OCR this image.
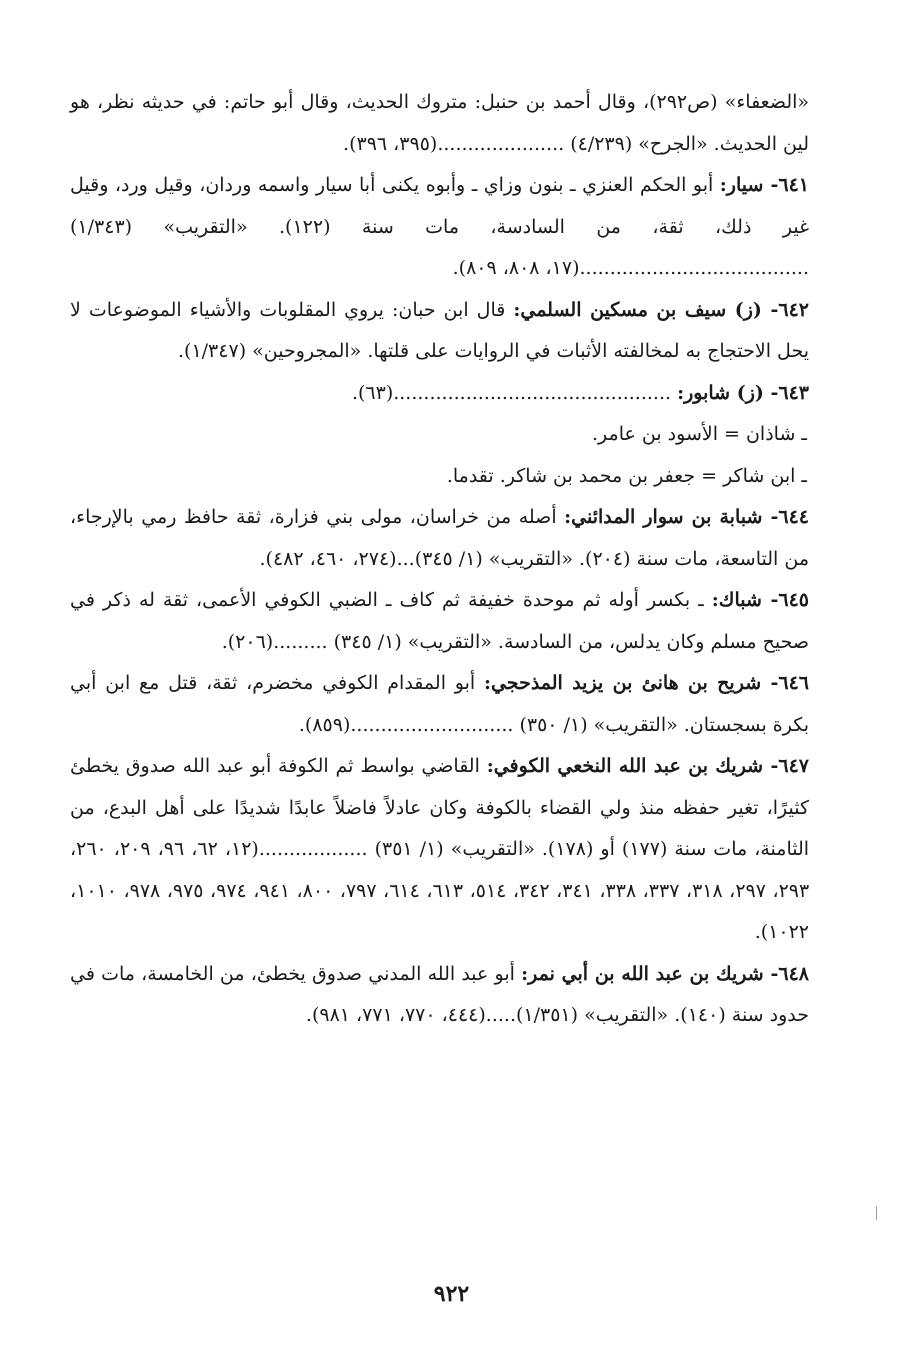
«الضعفاء» (ص٢٩٢)، وقال أحمد بن حنبل: متروك الحديث، وقال أبو حاتم: في حديثه نظر، هو لين الحديث. «الجرح» (٤/٢٣٩) .....................(٣٩٥، ٣٩٦).

٦٤١- سيار: أبو الحكم العنزي ـ بنون وزاي ـ وأبوه يكنى أبا سيار واسمه وردان، وقيل ورد، وقيل غير ذلك، ثقة، من السادسة، مات سنة (١٢٢). «التقريب» (١/٣٤٣) ......................................(١٧، ٨٠٨، ٨٠٩).

٦٤٢- (ز) سيف بن مسكين السلمي: قال ابن حبان: يروي المقلوبات والأشياء الموضوعات لا يحل الاحتجاج به لمخالفته الأثبات في الروايات على قلتها. «المجروحين» (١/٣٤٧).

٦٤٣- (ز) شابور: ..............................................(٦٣).

ـ شاذان = الأسود بن عامر.

ـ ابن شاكر = جعفر بن محمد بن شاكر. تقدما.

٦٤٤- شبابة بن سوار المدائني: أصله من خراسان، مولى بني فزارة، ثقة حافظ رمي بالإرجاء، من التاسعة، مات سنة (٢٠٤). «التقريب» (١/ ٣٤٥)...(٢٧٤، ٤٦٠، ٤٨٢).

٦٤٥- شباك: ـ بكسر أوله ثم موحدة خفيفة ثم كاف ـ الضبي الكوفي الأعمى، ثقة له ذكر في صحيح مسلم وكان يدلس، من السادسة. «التقريب» (١/ ٣٤٥) .........(٢٠٦).

٦٤٦- شريح بن هانئ بن يزيد المذحجي: أبو المقدام الكوفي مخضرم، ثقة، قتل مع ابن أبي بكرة بسجستان. «التقريب» (١/ ٣٥٠) ...........................(٨٥٩).

٦٤٧- شريك بن عبد الله النخعي الكوفي: القاضي بواسط ثم الكوفة أبو عبد الله صدوق يخطئ كثيرًا، تغير حفظه منذ ولي القضاء بالكوفة وكان عادلاً فاضلاً عابدًا شديدًا على أهل البدع، من الثامنة، مات سنة (١٧٧) أو (١٧٨). «التقريب» (١/ ٣٥١) ..................(١٢، ٦٢، ٩٦، ٢٠٩، ٢٦٠، ٢٩٣، ٢٩٧، ٣١٨، ٣٣٧، ٣٣٨، ٣٤١، ٣٤٢، ٥١٤، ٦١٣، ٦١٤، ٧٩٧، ٨٠٠، ٩٤١، ٩٧٤، ٩٧٥، ٩٧٨، ١٠١٠، ١٠٢٢).

٦٤٨- شريك بن عبد الله بن أبي نمر: أبو عبد الله المدني صدوق يخطئ، من الخامسة، مات في حدود سنة (١٤٠). «التقريب» (١/٣٥١).....(٤٤٤، ٧٧٠، ٧٧١، ٩٨١).

٩٢٢
